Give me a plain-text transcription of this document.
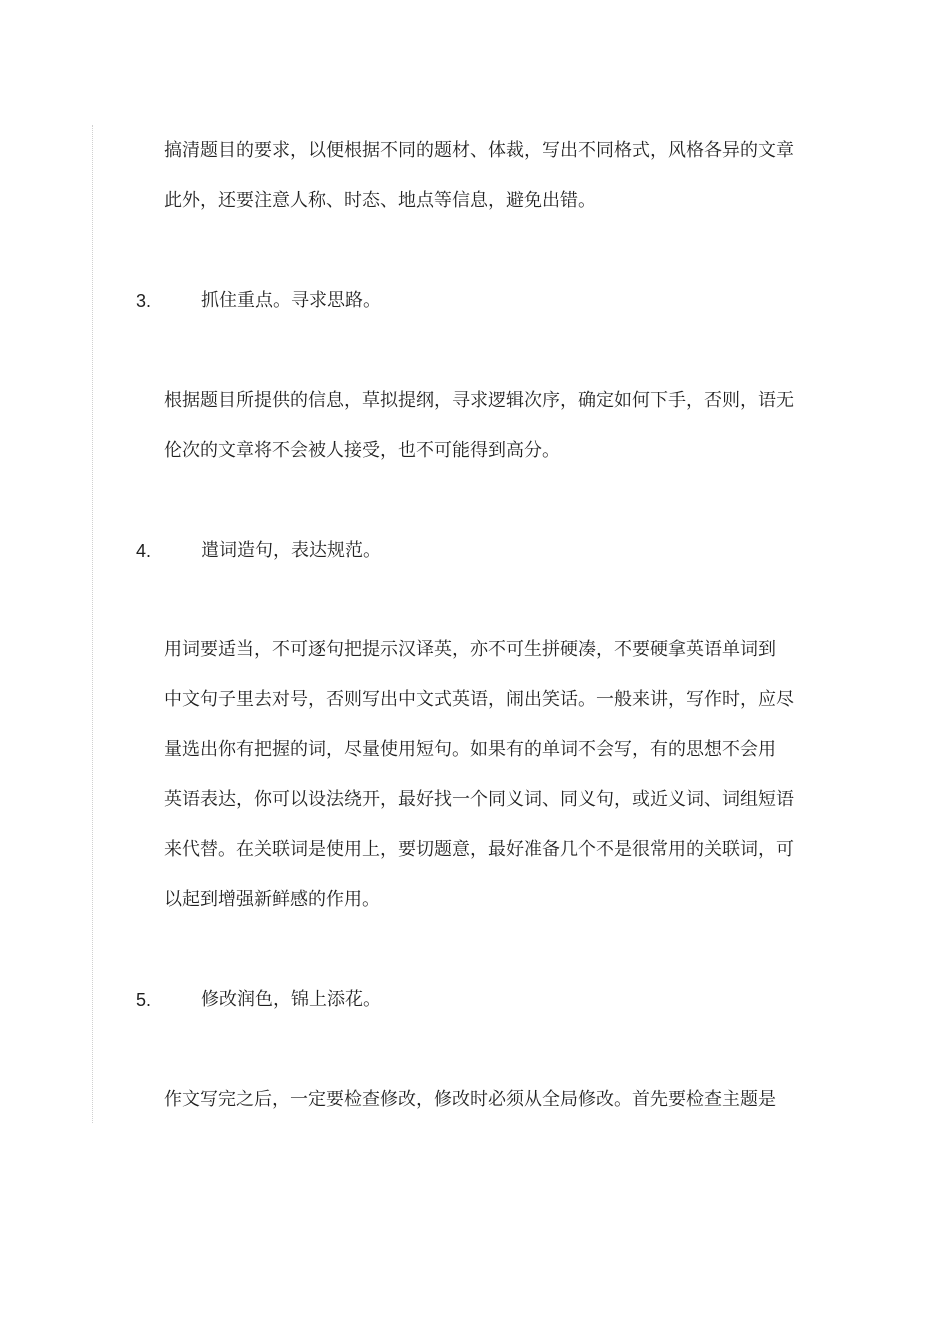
搞清题目的要求，以便根据不同的题材、体裁，写出不同格式，风格各异的文章
此外，还要注意人称、时态、地点等信息，避免出错。
3.	抓住重点。寻求思路。
根据题目所提供的信息，草拟提纲，寻求逻辑次序，确定如何下手，否则，语无
伦次的文章将不会被人接受，也不可能得到高分。
4.	遣词造句，表达规范。
用词要适当，不可逐句把提示汉译英，亦不可生拼硬凑，不要硬拿英语单词到
中文句子里去对号，否则写出中文式英语，闹出笑话。一般来讲，写作时，应尽
量选出你有把握的词，尽量使用短句。如果有的单词不会写，有的思想不会用
英语表达，你可以设法绕开，最好找一个同义词、同义句，或近义词、词组短语
来代替。在关联词是使用上，要切题意，最好准备几个不是很常用的关联词，可
以起到增强新鲜感的作用。
5.	修改润色，锦上添花。
作文写完之后，一定要检查修改，修改时必须从全局修改。首先要检查主题是
